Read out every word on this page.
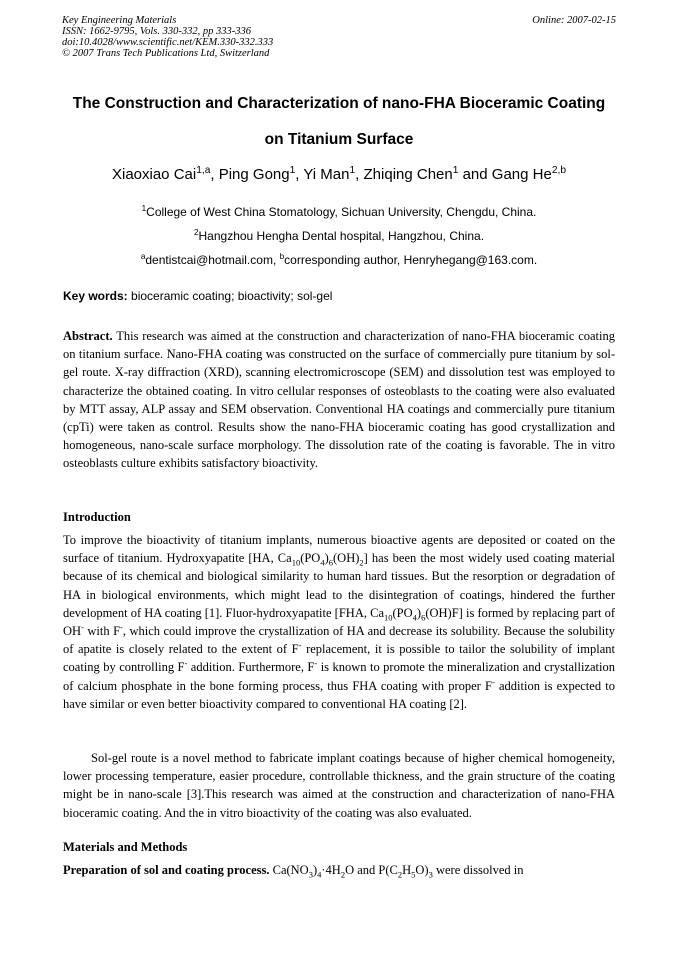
Key Engineering Materials
ISSN: 1662-9795, Vols. 330-332, pp 333-336
doi:10.4028/www.scientific.net/KEM.330-332.333
© 2007 Trans Tech Publications Ltd, Switzerland
Online: 2007-02-15
The Construction and Characterization of nano-FHA Bioceramic Coating
on Titanium Surface
Xiaoxiao Cai$^{1,a}$, Ping Gong$^1$, Yi Man$^1$, Zhiqing Chen$^1$ and Gang He$^{2,b}$
$^1$College of West China Stomatology, Sichuan University, Chengdu, China.
$^2$Hangzhou Hengha Dental hospital, Hangzhou, China.
$^a$dentistcai@hotmail.com, $^b$corresponding author, Henryhegang@163.com.
Key words: bioceramic coating; bioactivity; sol-gel
Abstract. This research was aimed at the construction and characterization of nano-FHA bioceramic coating on titanium surface. Nano-FHA coating was constructed on the surface of commercially pure titanium by sol-gel route. X-ray diffraction (XRD), scanning electromicroscope (SEM) and dissolution test was employed to characterize the obtained coating. In vitro cellular responses of osteoblasts to the coating were also evaluated by MTT assay, ALP assay and SEM observation. Conventional HA coatings and commercially pure titanium (cpTi) were taken as control. Results show the nano-FHA bioceramic coating has good crystallization and homogeneous, nano-scale surface morphology. The dissolution rate of the coating is favorable. The in vitro osteoblasts culture exhibits satisfactory bioactivity.
Introduction
To improve the bioactivity of titanium implants, numerous bioactive agents are deposited or coated on the surface of titanium. Hydroxyapatite [HA, $Ca_{10}(PO_4)_6(OH)_2$] has been the most widely used coating material because of its chemical and biological similarity to human hard tissues. But the resorption or degradation of HA in biological environments, which might lead to the disintegration of coatings, hindered the further development of HA coating [1]. Fluor-hydroxyapatite [FHA, $Ca_{10}(PO_4)_6(OH)F$] is formed by replacing part of OH- with F-, which could improve the crystallization of HA and decrease its solubility. Because the solubility of apatite is closely related to the extent of F- replacement, it is possible to tailor the solubility of implant coating by controlling F- addition. Furthermore, F- is known to promote the mineralization and crystallization of calcium phosphate in the bone forming process, thus FHA coating with proper F- addition is expected to have similar or even better bioactivity compared to conventional HA coating [2].
Sol-gel route is a novel method to fabricate implant coatings because of higher chemical homogeneity, lower processing temperature, easier procedure, controllable thickness, and the grain structure of the coating might be in nano-scale [3].This research was aimed at the construction and characterization of nano-FHA bioceramic coating. And the in vitro bioactivity of the coating was also evaluated.
Materials and Methods
Preparation of sol and coating process. $Ca(NO_3)_4\cdot 4H_2O$ and $P(C_2H_5O)_3$ were dissolved in
